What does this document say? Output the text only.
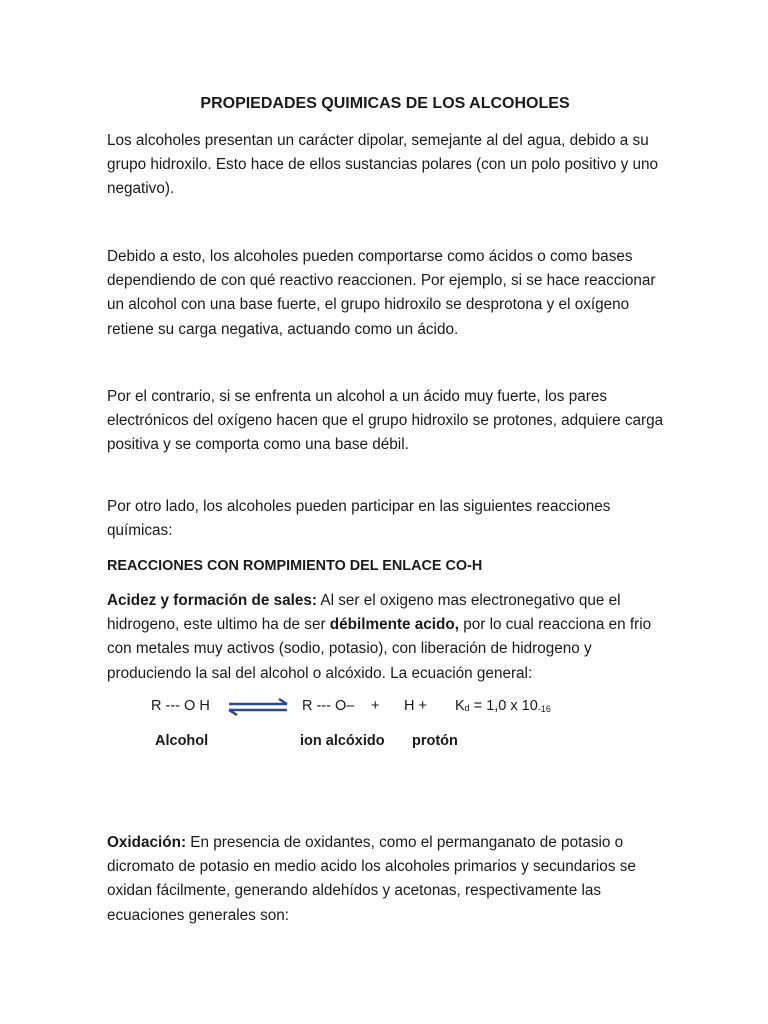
PROPIEDADES QUIMICAS DE LOS ALCOHOLES
Los alcoholes presentan un carácter dipolar, semejante al del agua, debido a su grupo hidroxilo. Esto hace de ellos sustancias polares (con un polo positivo y uno negativo).
Debido a esto, los alcoholes pueden comportarse como ácidos o como bases dependiendo de con qué reactivo reaccionen. Por ejemplo, si se hace reaccionar un alcohol con una base fuerte, el grupo hidroxilo se desprotona y el oxígeno retiene su carga negativa, actuando como un ácido.
Por el contrario, si se enfrenta un alcohol a un ácido muy fuerte, los pares electrónicos del oxígeno hacen que el grupo hidroxilo se protones, adquiere carga positiva y se comporta como una base débil.
Por otro lado, los alcoholes pueden participar en las siguientes reacciones químicas:
REACCIONES CON ROMPIMIENTO DEL ENLACE CO-H
Acidez y formación de sales: Al ser el oxigeno mas electronegativo que el hidrogeno, este ultimo ha de ser débilmente acido, por lo cual reacciona en frio con metales muy activos (sodio, potasio), con liberación de hidrogeno y produciendo la sal del alcohol o alcóxido. La ecuación general:
R --- O H	R --- $O- + H + K_d = 1,0$ x $10^{-16}$
Alcohol	ion alcóxido protón
Oxidación: En presencia de oxidantes, como el permanganato de potasio o dicromato de potasio en medio acido los alcoholes primarios y secundarios se oxidan fácilmente, generando aldehídos y acetonas, respectivamente las ecuaciones generales son:
